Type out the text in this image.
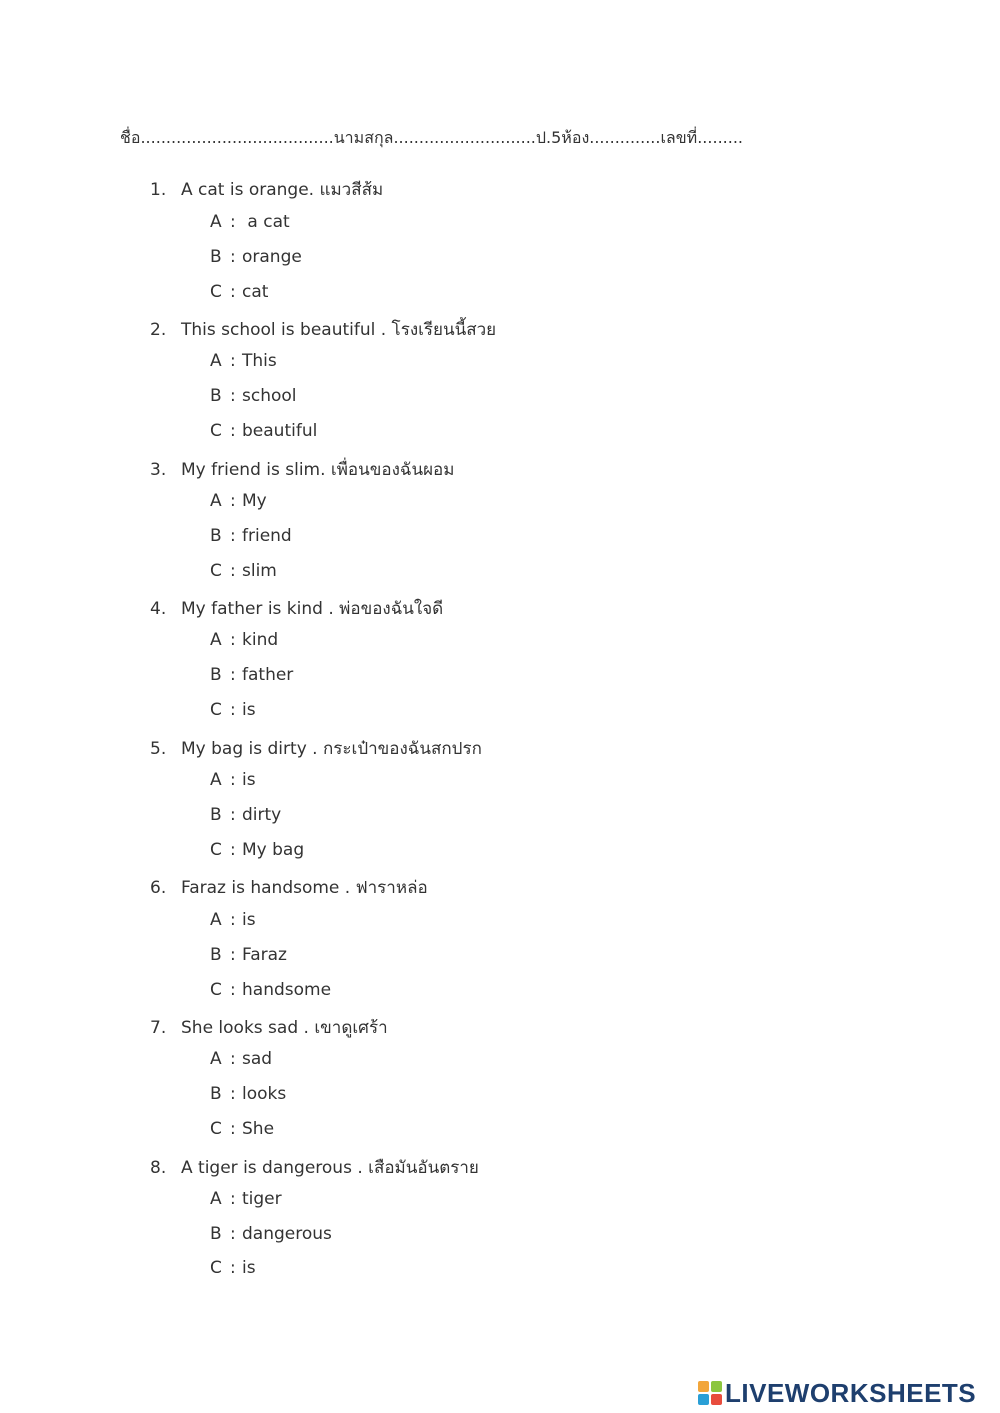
ชื่อ......................................นามสกุล............................ป.5ห้อง..............เลขที่.........
1. A cat is orange. แมวสีส้ม
A : a cat
B : orange
C : cat
2. This school is beautiful . โรงเรียนนี้สวย
A : This
B : school
C : beautiful
3. My friend is slim. เพื่อนของฉันผอม
A : My
B : friend
C : slim
4. My father is kind . พ่อของฉันใจดี
A : kind
B : father
C : is
5. My bag is dirty . กระเป๋าของฉันสกปรก
A : is
B : dirty
C : My bag
6. Faraz is handsome . ฟาราหล่อ
A : is
B : Faraz
C : handsome
7. She looks sad . เขาดูเศร้า
A : sad
B : looks
C : She
8. A tiger is dangerous . เสือมันอันตราย
A : tiger
B : dangerous
C : is
LIVEWORKSHEETS
